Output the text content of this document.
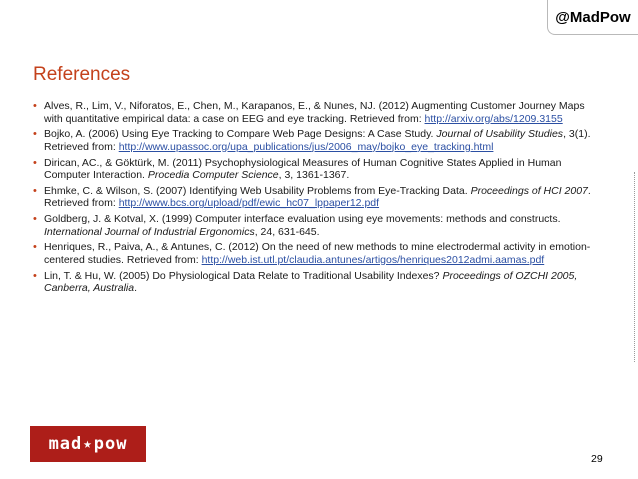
@MadPow
References
• Alves, R., Lim, V., Niforatos, E., Chen, M., Karapanos, E., & Nunes, NJ. (2012) Augmenting Customer Journey Maps with quantitative empirical data: a case on EEG and eye tracking. Retrieved from: http://arxiv.org/abs/1209.3155
• Bojko, A. (2006) Using Eye Tracking to Compare Web Page Designs: A Case Study. Journal of Usability Studies, 3(1). Retrieved from: http://www.upassoc.org/upa_publications/jus/2006_may/bojko_eye_tracking.html
• Dirican, AC., & Göktürk, M. (2011) Psychophysiological Measures of Human Cognitive States Applied in Human Computer Interaction. Procedia Computer Science, 3, 1361-1367.
• Ehmke, C. & Wilson, S. (2007) Identifying Web Usability Problems from Eye-Tracking Data. Proceedings of HCI 2007. Retrieved from: http://www.bcs.org/upload/pdf/ewic_hc07_lppaper12.pdf
• Goldberg, J. & Kotval, X. (1999) Computer interface evaluation using eye movements: methods and constructs. International Journal of Industrial Ergonomics, 24, 631-645.
• Henriques, R., Paiva, A., & Antunes, C. (2012) On the need of new methods to mine electrodermal activity in emotion-centered studies. Retrieved from: http://web.ist.utl.pt/claudia.antunes/artigos/henriques2012admi.aamas.pdf
• Lin, T. & Hu, W. (2005) Do Physiological Data Relate to Traditional Usability Indexes? Proceedings of OZCHI 2005, Canberra, Australia.
mad ★ pow
29
